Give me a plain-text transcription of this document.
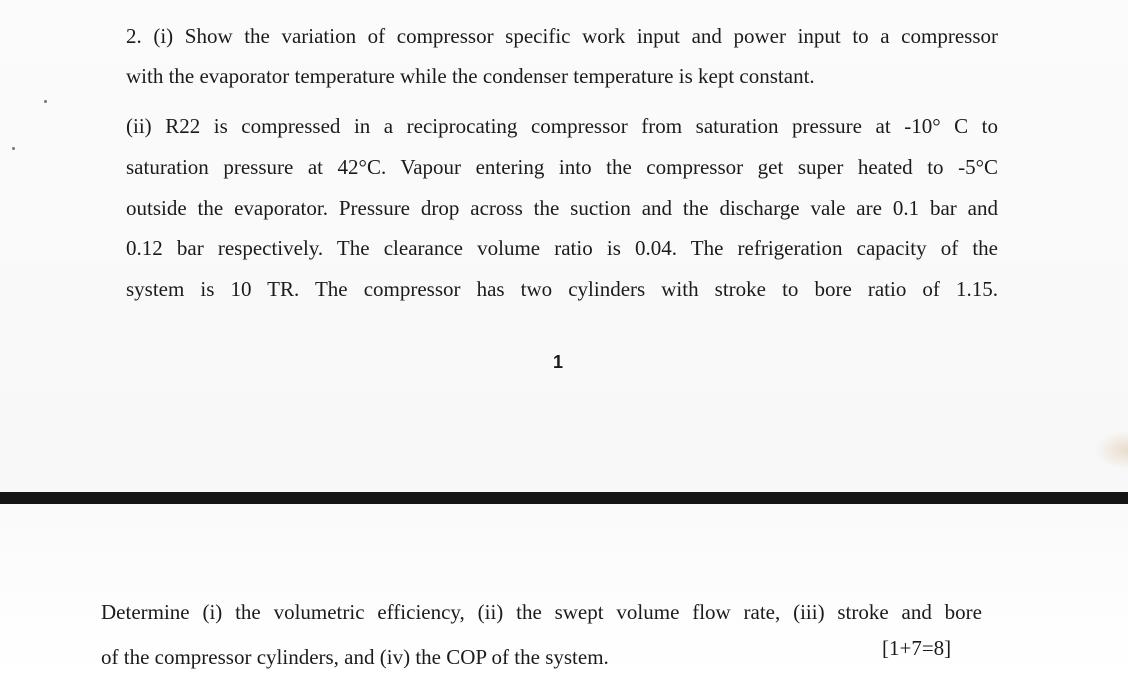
2. (i) Show the variation of compressor specific work input and power input to a compressor

with the evaporator temperature while the condenser temperature is kept constant.

(ii) R22 is compressed in a reciprocating compressor from saturation pressure at -10° C to

saturation pressure at 42°C. Vapour entering into the compressor get super heated to -5°C

outside the evaporator. Pressure drop across the suction and the discharge vale are 0.1 bar and

0.12 bar respectively. The clearance volume ratio is 0.04. The refrigeration capacity of the

system is 10 TR. The compressor has two cylinders with stroke to bore ratio of 1.15.

1

Determine (i) the volumetric efficiency, (ii) the swept volume flow rate, (iii) stroke and bore

of the compressor cylinders, and (iv) the COP of the system.	[1+7=8]
